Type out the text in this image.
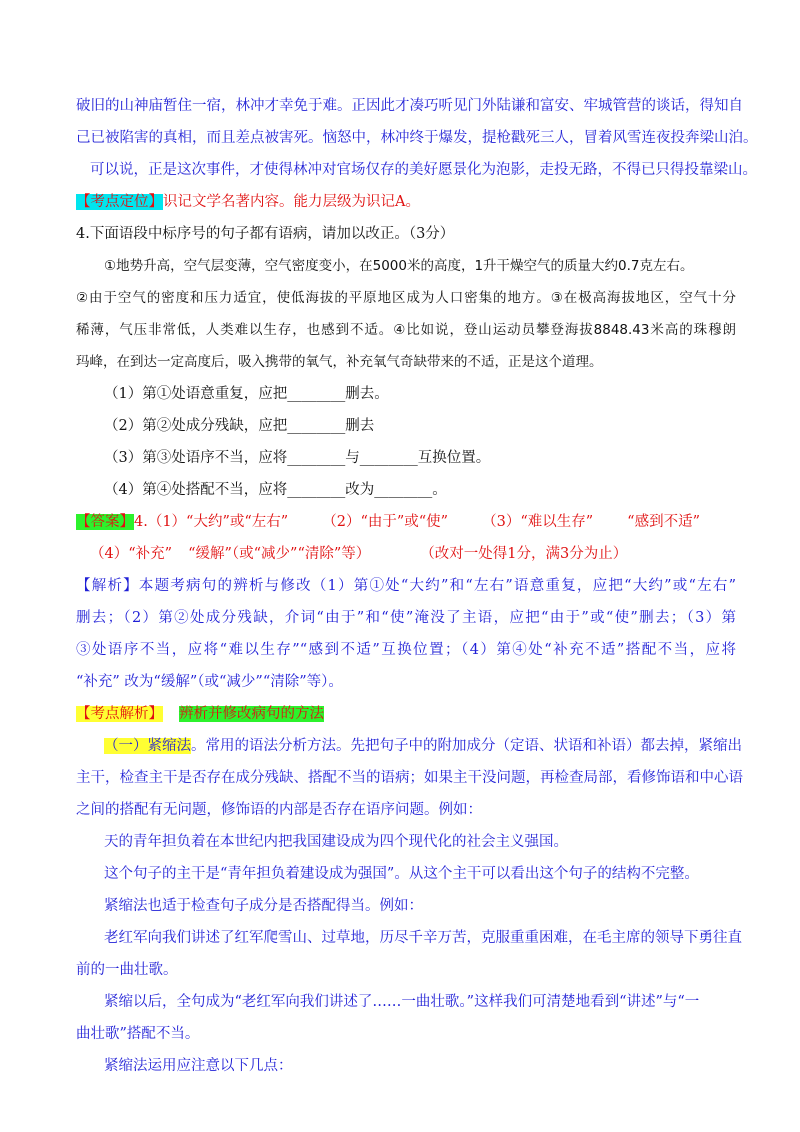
破旧的山神庙暂住一宿，林冲才幸免于难。正因此才凑巧听见门外陆谦和富安、牢城管营的谈话，得知自
己已被陷害的真相，而且差点被害死。恼怒中，林冲终于爆发，提枪戳死三人，冒着风雪连夜投奔梁山泊。
可以说，正是这次事件，才使得林冲对官场仅存的美好愿景化为泡影，走投无路，不得已只得投靠梁山。
【考点定位】识记文学名著内容。能力层级为识记A。
4.下面语段中标序号的句子都有语病，请加以改正。（3分）
①地势升高，空气层变薄，空气密度变小，在5000米的高度，1升干燥空气的质量大约0.7克左右。
②由于空气的密度和压力适宜，使低海拔的平原地区成为人口密集的地方。③在极高海拔地区，空气十分
稀薄，气压非常低，人类难以生存，也感到不适。④比如说，登山运动员攀登海拔8848.43米高的珠穆朗
玛峰，在到达一定高度后，吸入携带的氧气，补充氧气奇缺带来的不适，正是这个道理。
（1）第①处语意重复，应把________删去。
（2）第②处成分残缺，应把________删去
（3）第③处语序不当，应将________与________互换位置。
（4）第④处搭配不当，应将________改为________。
【答案】4.（1）“大约”或“左右” （2）“由于”或“使” （3）“难以生存” “感到不适”
（4）“补充” “缓解”（或“减少”“清除”等）	（改对一处得1分，满3分为止）
【解析】本题考病句的辨析与修改（1）第①处“大约”和“左右”语意重复，应把“大约”或“左右”
删去；（2）第②处成分残缺，介词“由于”和“使”淹没了主语，应把“由于”或“使”删去；（3）第
③处语序不当，应将“难以生存”“感到不适”互换位置；（4）第④处“补充不适”搭配不当，应将
“补充” 改为“缓解”（或“减少”“清除”等）。
【考点解析】 辨析并修改病句的方法
（一）紧缩法。常用的语法分析方法。先把句子中的附加成分（定语、状语和补语）都去掉，紧缩出
主干，检查主干是否存在成分残缺、搭配不当的语病；如果主干没问题，再检查局部，看修饰语和中心语
之间的搭配有无问题，修饰语的内部是否存在语序问题。例如：
天的青年担负着在本世纪内把我国建设成为四个现代化的社会主义强国。
这个句子的主干是“青年担负着建设成为强国”。从这个主干可以看出这个句子的结构不完整。
紧缩法也适于检查句子成分是否搭配得当。例如：
老红军向我们讲述了红军爬雪山、过草地，历尽千辛万苦，克服重重困难，在毛主席的领导下勇往直
前的一曲壮歌。
紧缩以后，全句成为“老红军向我们讲述了……一曲壮歌。”这样我们可清楚地看到“讲述”与“一
曲壮歌”搭配不当。
紧缩法运用应注意以下几点：
